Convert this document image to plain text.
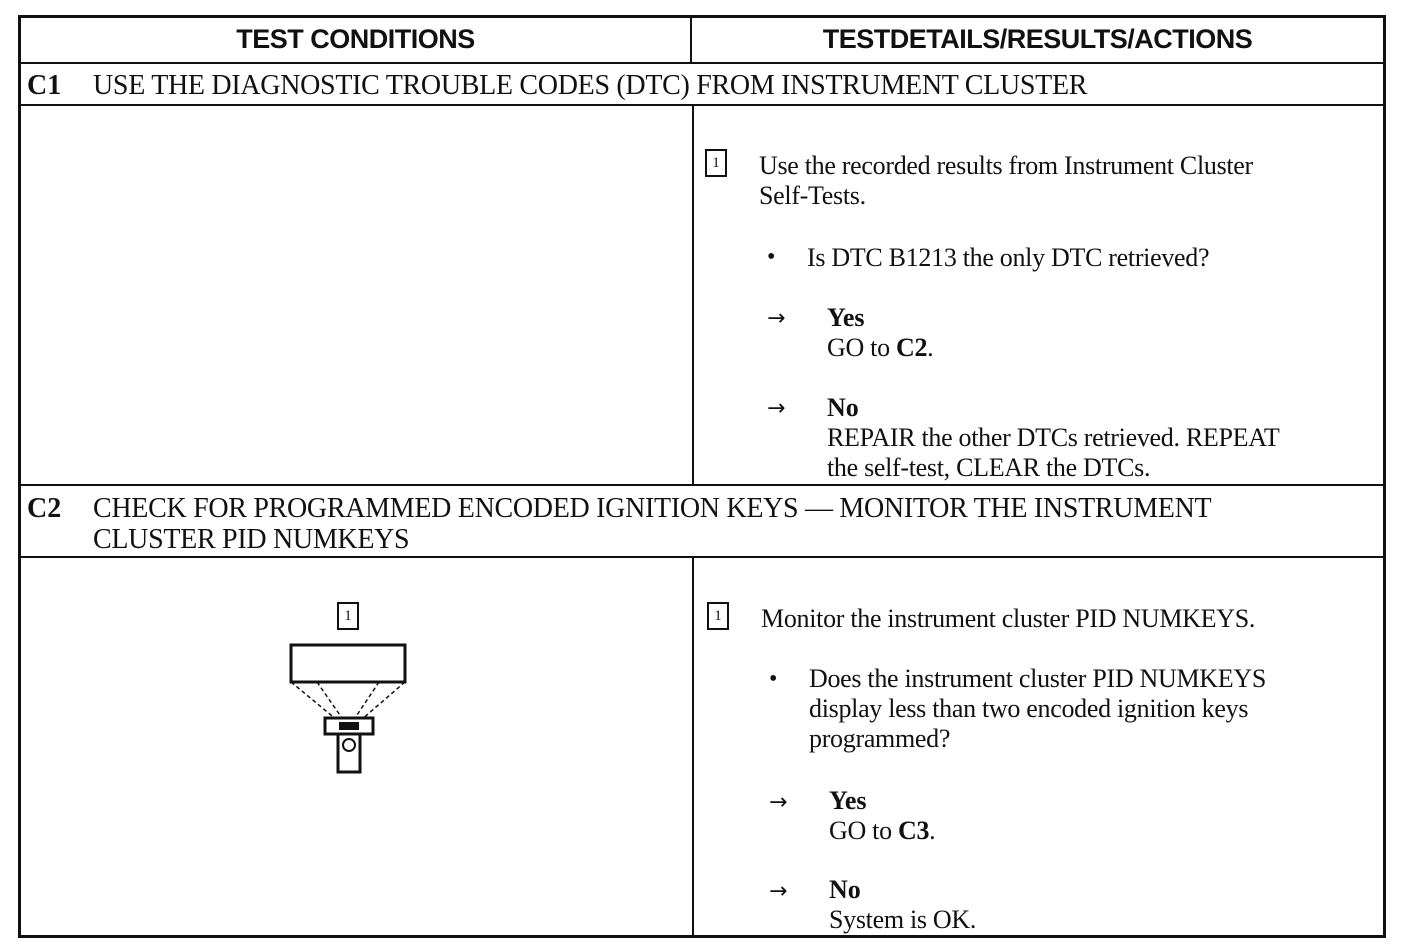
TEST CONDITIONS	TESTDETAILS/RESULTS/ACTIONS
C1 USE THE DIAGNOSTIC TROUBLE CODES (DTC) FROM INSTRUMENT CLUSTER
1 Use the recorded results from Instrument Cluster
Self-Tests.
• Is DTC B1213 the only DTC retrieved?
→ Yes
GO to C2.
→ No
REPAIR the other DTCs retrieved. REPEAT
the self-test, CLEAR the DTCs.
C2 CHECK FOR PROGRAMMED ENCODED IGNITION KEYS — MONITOR THE INSTRUMENT
CLUSTER PID NUMKEYS
1	1 Monitor the instrument cluster PID NUMKEYS.
• Does the instrument cluster PID NUMKEYS
display less than two encoded ignition keys
programmed?
→ Yes
GO to C3.
→ No
System is OK.
